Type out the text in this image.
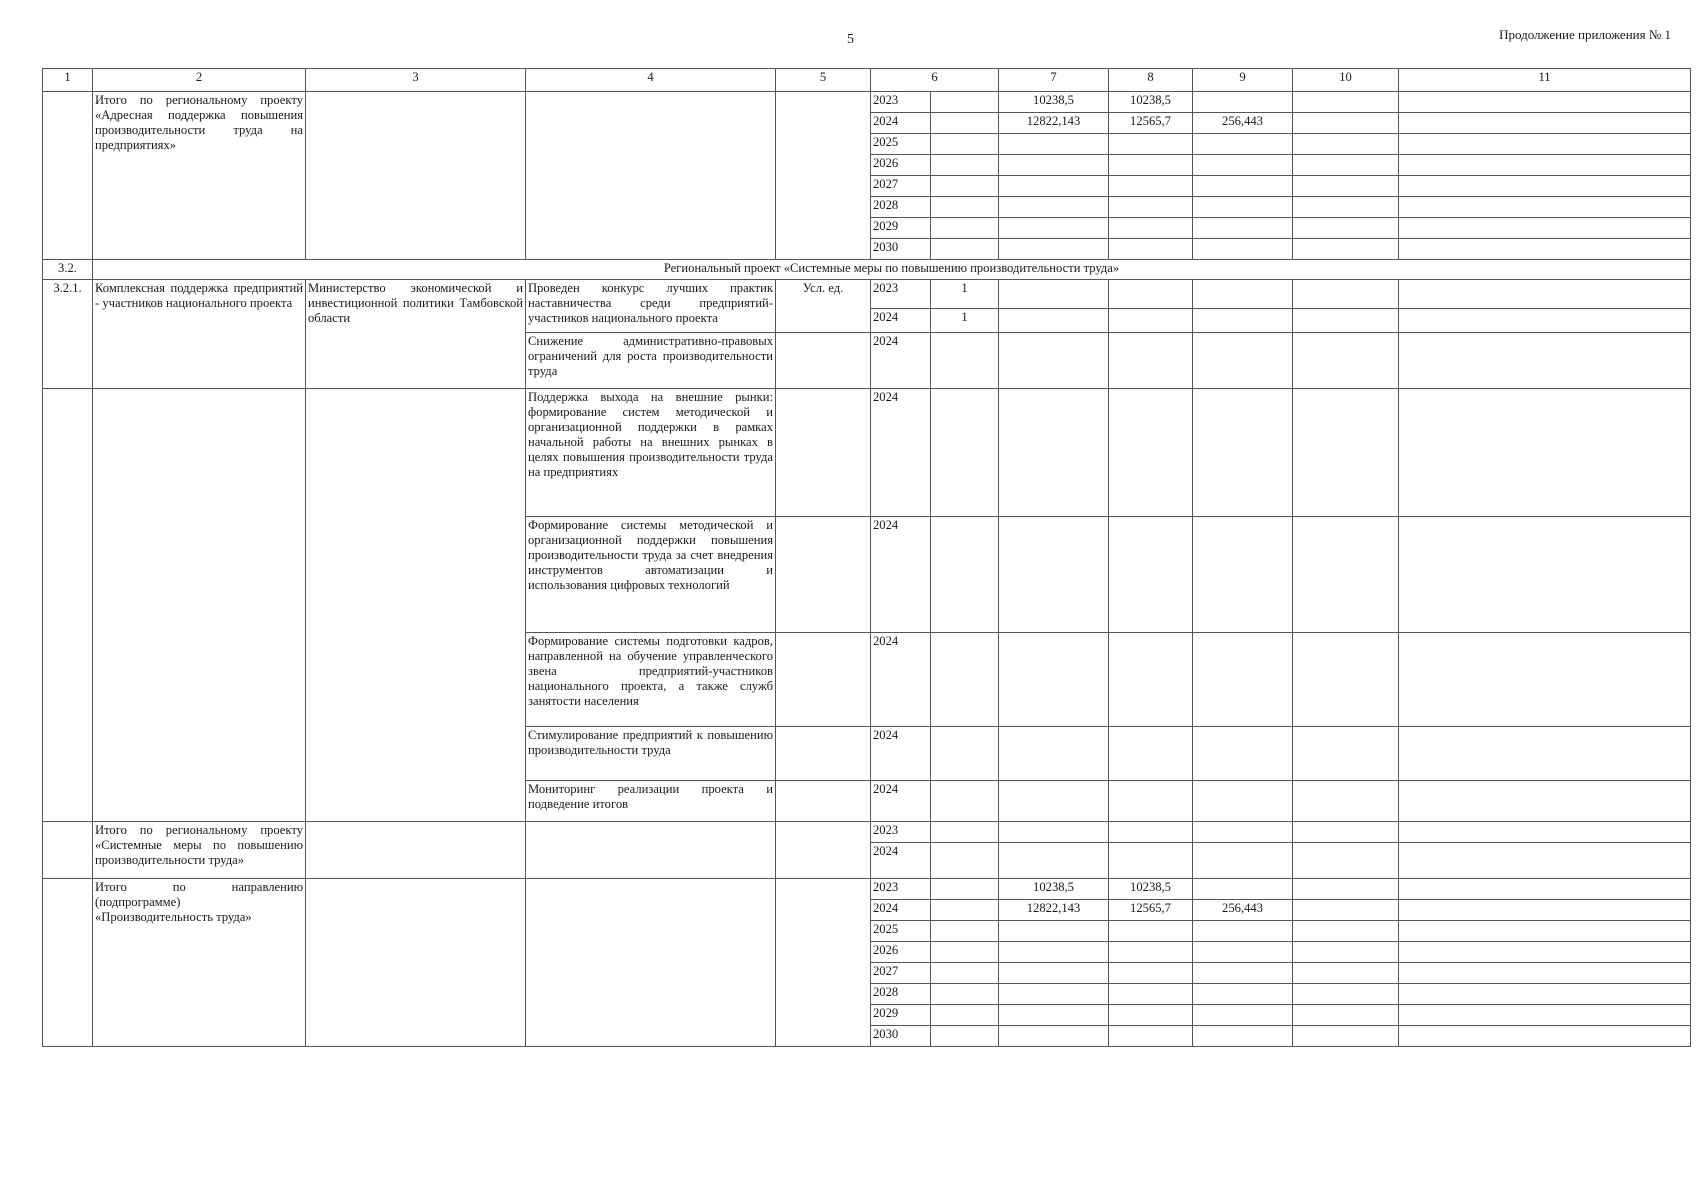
5	Продолжение приложения № 1
1	2	3	4	5	6		7	8	9	10	11
	Итого по региональному проекту «Адресная поддержка повышения производительности труда на предприятиях»				2023		10238,5	10238,5			
					2024		12822,143	12565,7	256,443		
					2025						
					2026						
					2027						
					2028						
					2029						
					2030						
3.2.	Региональный проект «Системные меры по повышению производительности труда»										
3.2.1.	Комплексная поддержка предприятий - участников национального проекта	Министерство экономической и инвестиционной политики Тамбовской области	Проведен конкурс лучших практик наставничества среди предприятий-участников национального проекта	Усл. ед.	2023	1					
					2024	1					
			Снижение административно-правовых ограничений для роста производительности труда		2024						
			Поддержка выхода на внешние рынки: формирование систем методической и организационной поддержки в рамках начальной работы на внешних рынках в целях повышения производительности труда на предприятиях		2024						
			Формирование системы методической и организационной поддержки повышения производительности труда за счет внедрения инструментов автоматизации и использования цифровых технологий		2024						
			Формирование системы подготовки кадров, направленной на обучение управленческого звена предприятий-участников национального проекта, а также служб занятости населения		2024						
			Стимулирование предприятий к повышению производительности труда		2024						
			Мониторинг реализации проекта и подведение итогов		2024						
	Итого по региональному проекту «Системные меры по повышению производительности труда»				2023						
					2024						

	Итого по направлению
(подпрограмме)
«Производительность труда»				2023		10238,5	10238,5			
					2024		12822,143	12565,7	256,443		
					2025						
					2026						
					2027						
					2028						
					2029						
					2030						
